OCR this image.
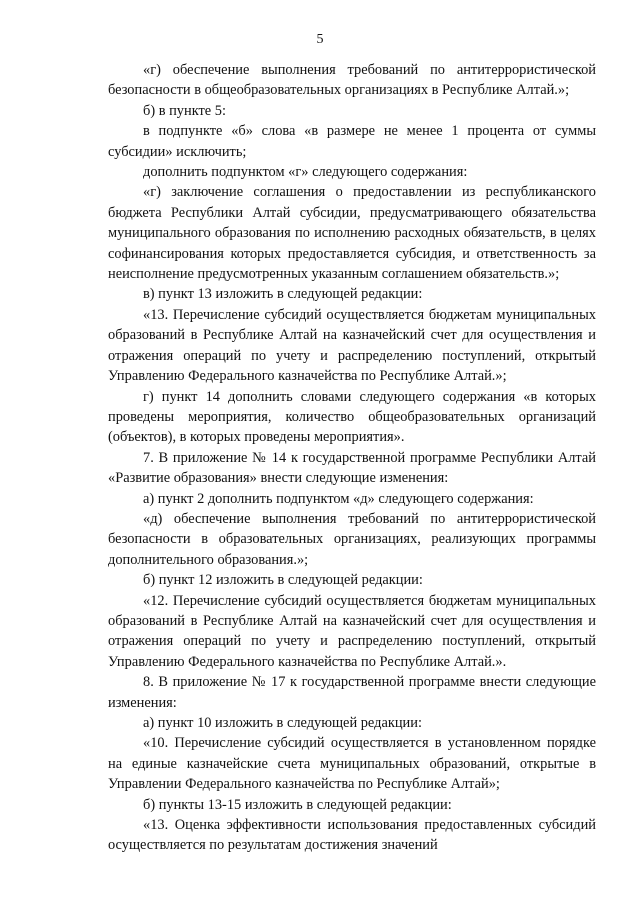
5

«г) обеспечение выполнения требований по антитеррористической безопасности в общеобразовательных организациях в Республике Алтай.»;

б) в пункте 5:

в подпункте «б» слова «в размере не менее 1 процента от суммы субсидии» исключить;

дополнить подпунктом «г» следующего содержания:

«г) заключение соглашения о предоставлении из республиканского бюджета Республики Алтай субсидии, предусматривающего обязательства муниципального образования по исполнению расходных обязательств, в целях софинансирования которых предоставляется субсидия, и ответственность за неисполнение предусмотренных указанным соглашением обязательств.»;

в) пункт 13 изложить в следующей редакции:

«13. Перечисление субсидий осуществляется бюджетам муниципальных образований в Республике Алтай на казначейский счет для осуществления и отражения операций по учету и распределению поступлений, открытый Управлению Федерального казначейства по Республике Алтай.»;

г) пункт 14 дополнить словами следующего содержания «в которых проведены мероприятия, количество общеобразовательных организаций (объектов), в которых проведены мероприятия».

7. В приложение № 14 к государственной программе Республики Алтай «Развитие образования» внести следующие изменения:

а) пункт 2 дополнить подпунктом «д» следующего содержания:

«д) обеспечение выполнения требований по антитеррористической безопасности в образовательных организациях, реализующих программы дополнительного образования.»;

б) пункт 12 изложить в следующей редакции:

«12. Перечисление субсидий осуществляется бюджетам муниципальных образований в Республике Алтай на казначейский счет для осуществления и отражения операций по учету и распределению поступлений, открытый Управлению Федерального казначейства по Республике Алтай.».

8. В приложение № 17 к государственной программе внести следующие изменения:

а) пункт 10 изложить в следующей редакции:

«10. Перечисление субсидий осуществляется в установленном порядке на единые казначейские счета муниципальных образований, открытые в Управлении Федерального казначейства по Республике Алтай»;

б) пункты 13-15 изложить в следующей редакции:

«13. Оценка эффективности использования предоставленных субсидий осуществляется по результатам достижения значений
